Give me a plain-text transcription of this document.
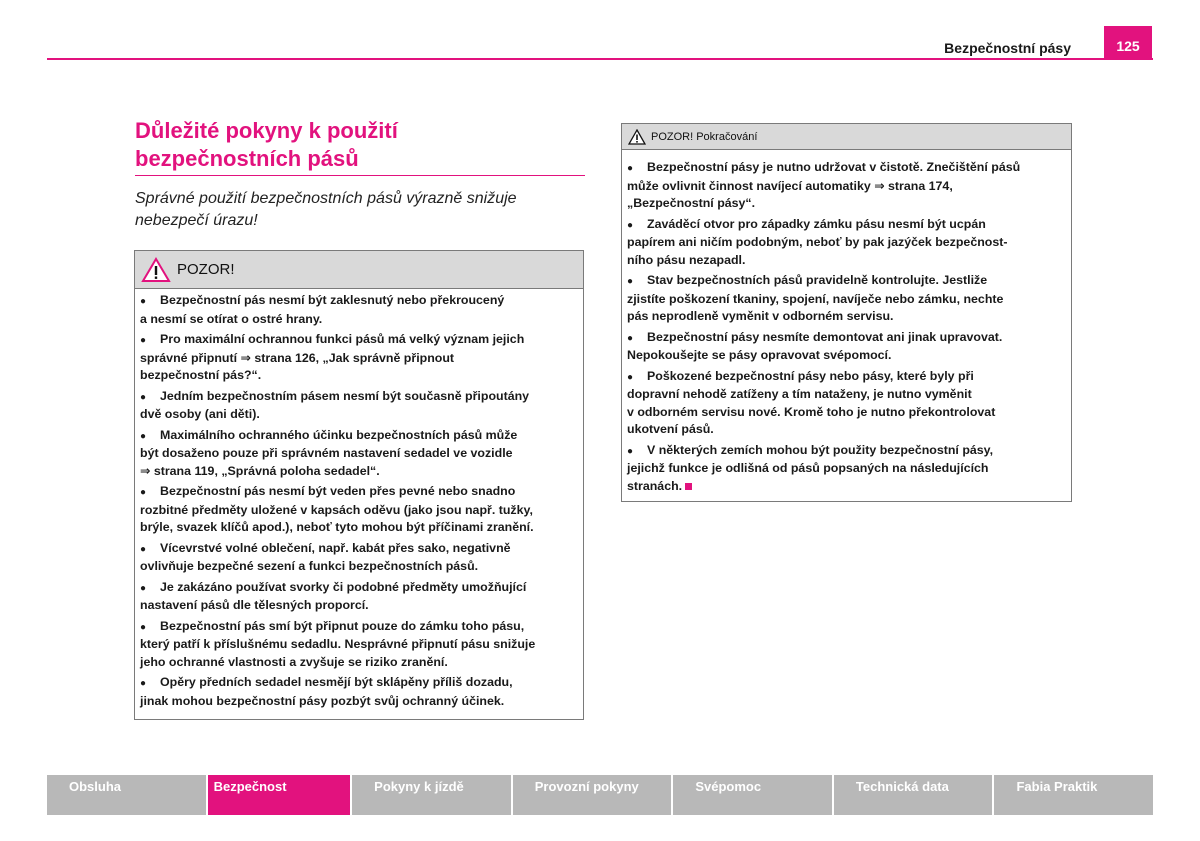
Bezpečnostní pásy	125
Důležité pokyny k použití
bezpečnostních pásů
Správné použití bezpečnostních pásů výrazně snižuje
nebezpečí úrazu!
POZOR!
● Bezpečnostní pás nesmí být zaklesnutý nebo překroucený
a nesmí se otírat o ostré hrany.
● Pro maximální ochrannou funkci pásů má velký význam jejich
správné připnutí ⇒ strana 126, „Jak správně připnout
bezpečnostní pás?“.
● Jedním bezpečnostním pásem nesmí být současně připoutány
dvě osoby (ani děti).
● Maximálního ochranného účinku bezpečnostních pásů může
být dosaženo pouze při správném nastavení sedadel ve vozidle
⇒ strana 119, „Správná poloha sedadel“.
● Bezpečnostní pás nesmí být veden přes pevné nebo snadno
rozbitné předměty uložené v kapsách oděvu (jako jsou např. tužky,
brýle, svazek klíčů apod.), neboť tyto mohou být příčinami zranění.
● Vícevrstvé volné oblečení, např. kabát přes sako, negativně
ovlivňuje bezpečné sezení a funkci bezpečnostních pásů.
● Je zakázáno používat svorky či podobné předměty umožňující
nastavení pásů dle tělesných proporcí.
● Bezpečnostní pás smí být připnut pouze do zámku toho pásu,
který patří k příslušnému sedadlu. Nesprávné připnutí pásu snižuje
jeho ochranné vlastnosti a zvyšuje se riziko zranění.
● Opěry předních sedadel nesmějí být sklápěny příliš dozadu,
jinak mohou bezpečnostní pásy pozbýt svůj ochranný účinek.
POZOR! Pokračování
● Bezpečnostní pásy je nutno udržovat v čistotě. Znečištění pásů
může ovlivnit činnost navíjecí automatiky ⇒ strana 174,
„Bezpečnostní pásy“.
● Zaváděcí otvor pro západky zámku pásu nesmí být ucpán
papírem ani ničím podobným, neboť by pak jazýček bezpečnost-
ního pásu nezapadl.
● Stav bezpečnostních pásů pravidelně kontrolujte. Jestliže
zjistíte poškození tkaniny, spojení, navíječe nebo zámku, nechte
pás neprodleně vyměnit v odborném servisu.
● Bezpečnostní pásy nesmíte demontovat ani jinak upravovat.
Nepokoušejte se pásy opravovat svépomocí.
● Poškozené bezpečnostní pásy nebo pásy, které byly při
dopravní nehodě zatíženy a tím nataženy, je nutno vyměnit
v odborném servisu nové. Kromě toho je nutno překontrolovat
ukotvení pásů.
● V některých zemích mohou být použity bezpečnostní pásy,
jejichž funkce je odlišná od pásů popsaných na následujících
stranách.
Obsluha	Bezpečnost	Pokyny k jízdě	Provozní pokyny	Svépomoc	Technická data	Fabia Praktik
